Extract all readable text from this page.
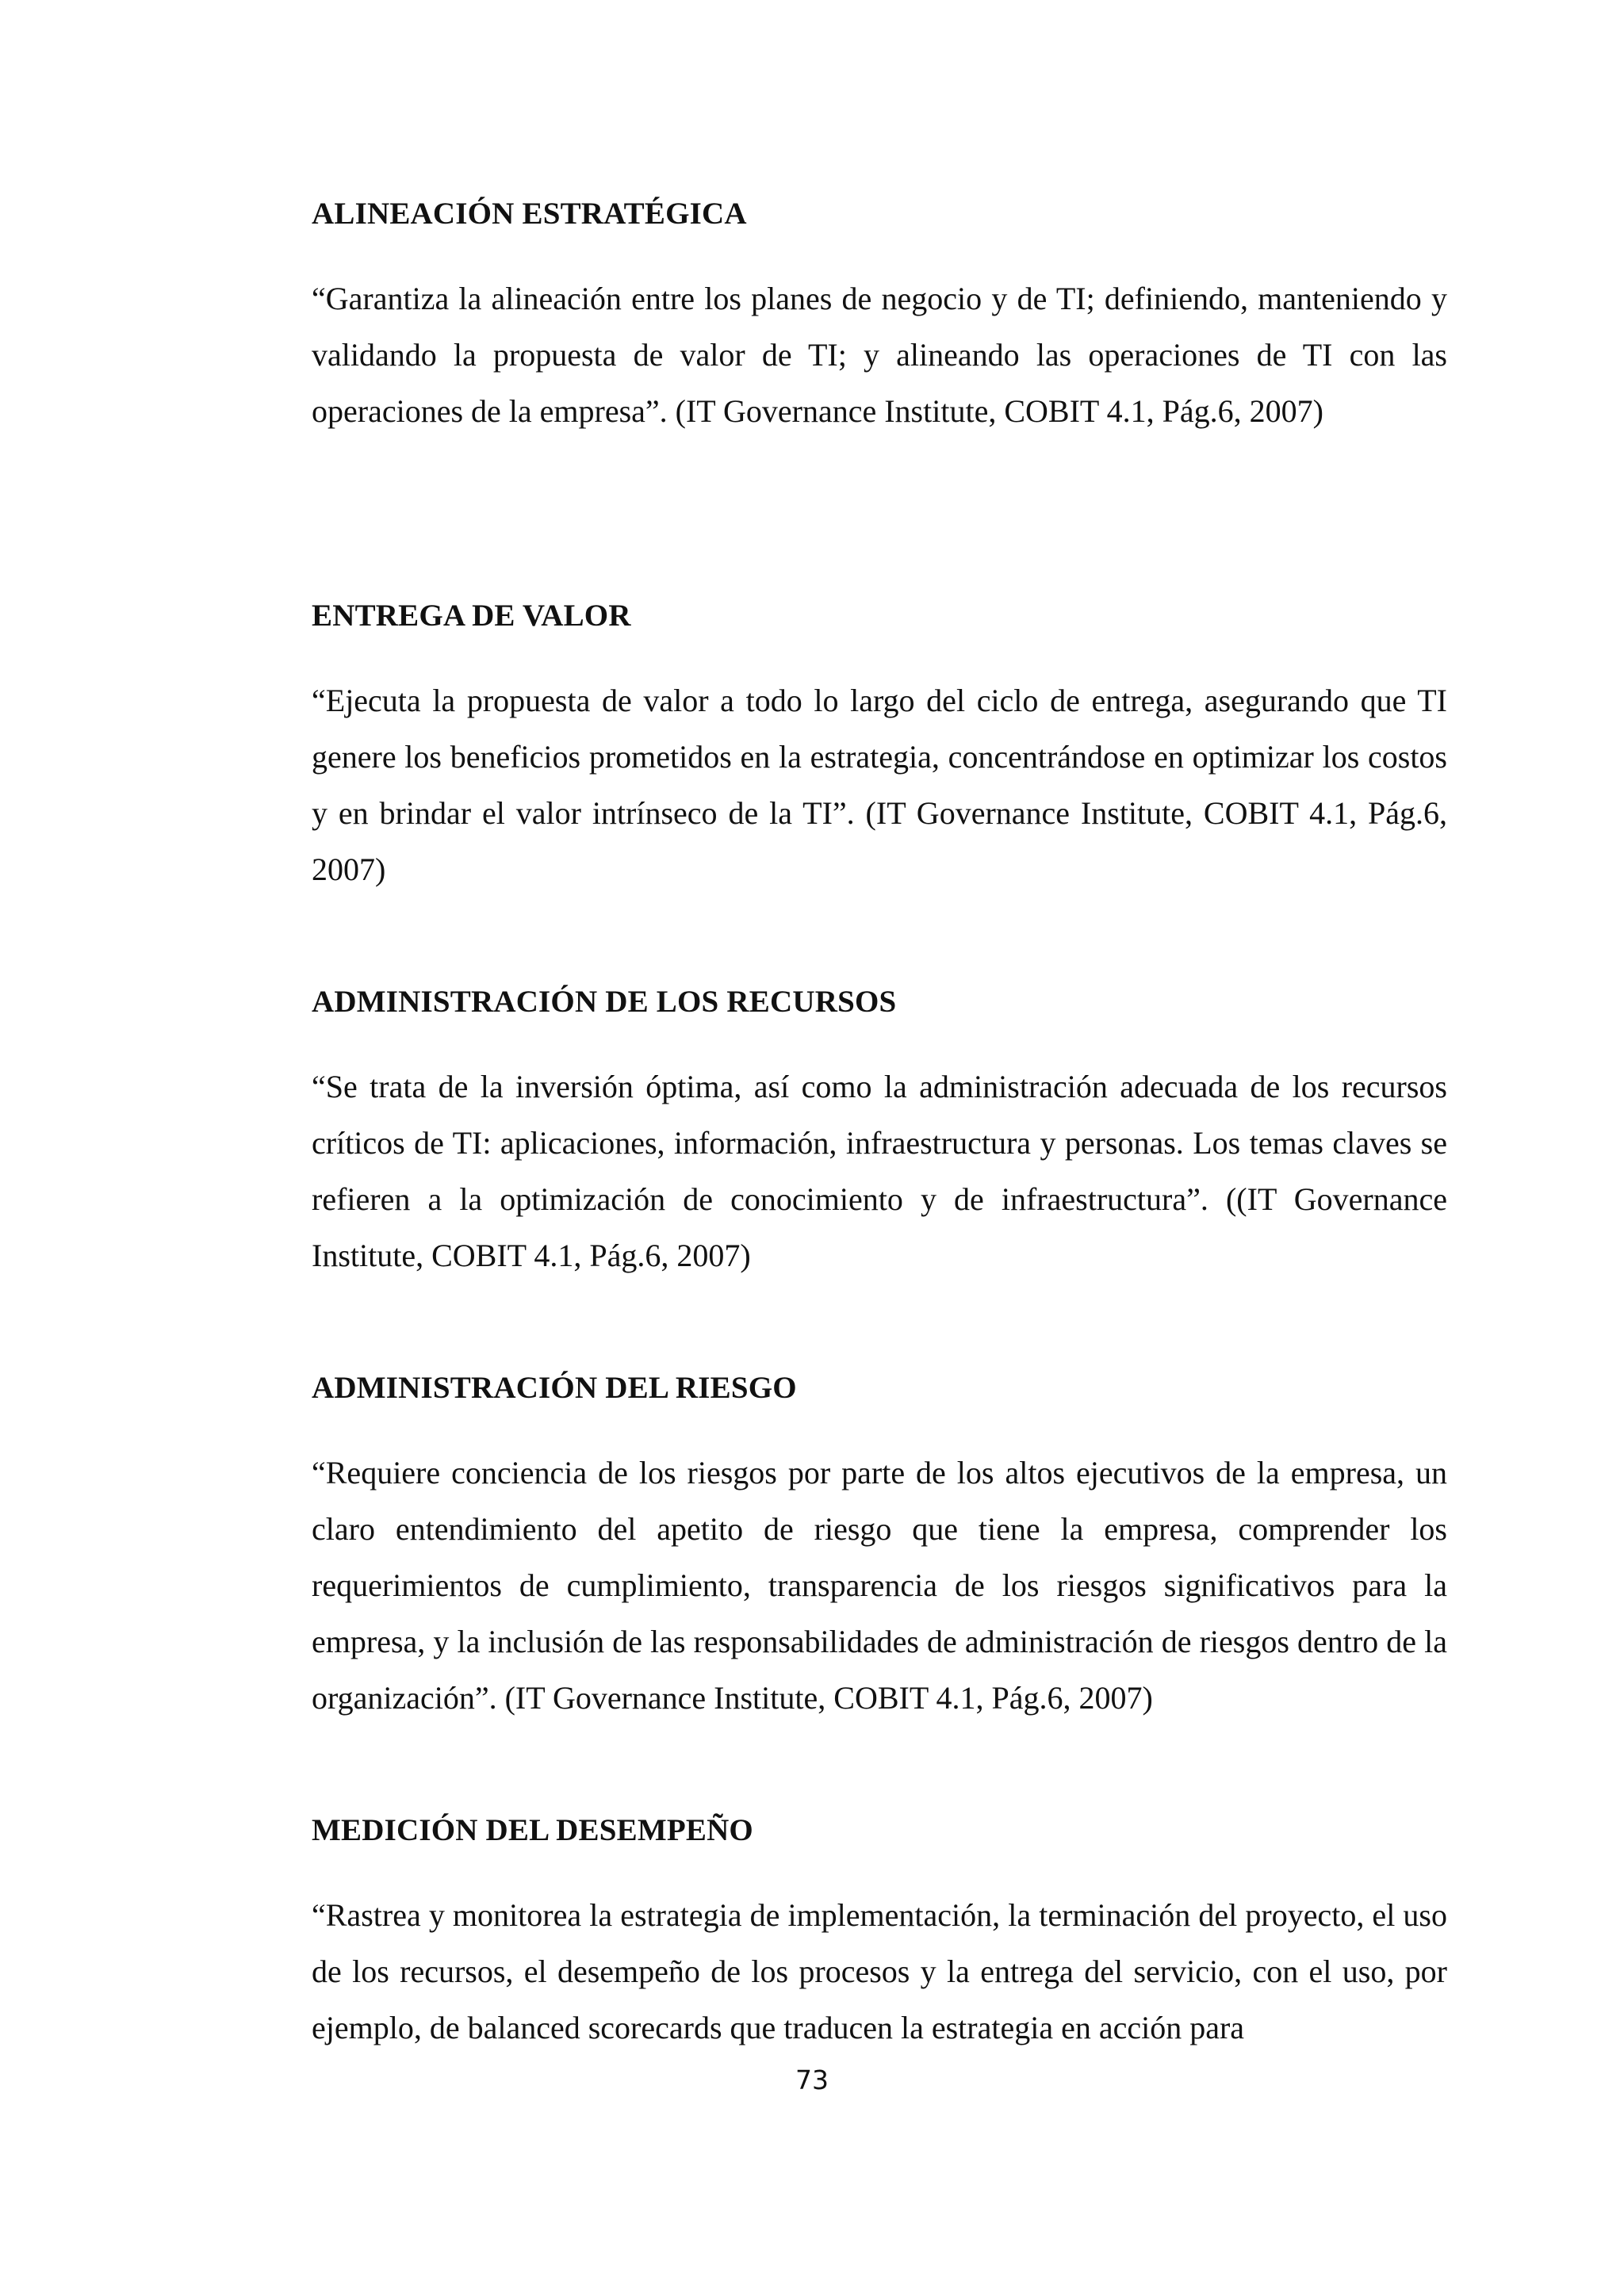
ALINEACIÓN ESTRATÉGICA

“Garantiza la alineación entre los planes de negocio y de TI; definiendo, manteniendo y validando la propuesta de valor de TI; y alineando las operaciones de TI con las operaciones de la empresa”. (IT Governance Institute, COBIT 4.1, Pág.6, 2007)

ENTREGA DE VALOR

“Ejecuta la propuesta de valor a todo lo largo del ciclo de entrega, asegurando que TI genere los beneficios prometidos en la estrategia, concentrándose en optimizar los costos y en brindar el valor intrínseco de la TI”. (IT Governance Institute, COBIT 4.1, Pág.6, 2007)

ADMINISTRACIÓN DE LOS RECURSOS

“Se trata de la inversión óptima, así como la administración adecuada de los recursos críticos de TI: aplicaciones, información, infraestructura y personas. Los temas claves se refieren a la optimización de conocimiento y de infraestructura”. ((IT Governance Institute, COBIT 4.1, Pág.6, 2007)

ADMINISTRACIÓN DEL RIESGO

“Requiere conciencia de los riesgos por parte de los altos ejecutivos de la empresa, un claro entendimiento del apetito de riesgo que tiene la empresa, comprender los requerimientos de cumplimiento, transparencia de los riesgos significativos para la empresa, y la inclusión de las responsabilidades de administración de riesgos dentro de la organización”. (IT Governance Institute, COBIT 4.1, Pág.6, 2007)

MEDICIÓN DEL DESEMPEÑO

“Rastrea y monitorea la estrategia de implementación, la terminación del proyecto, el uso de los recursos, el desempeño de los procesos y la entrega del servicio, con el uso, por ejemplo, de balanced scorecards que traducen la estrategia en acción para

73
